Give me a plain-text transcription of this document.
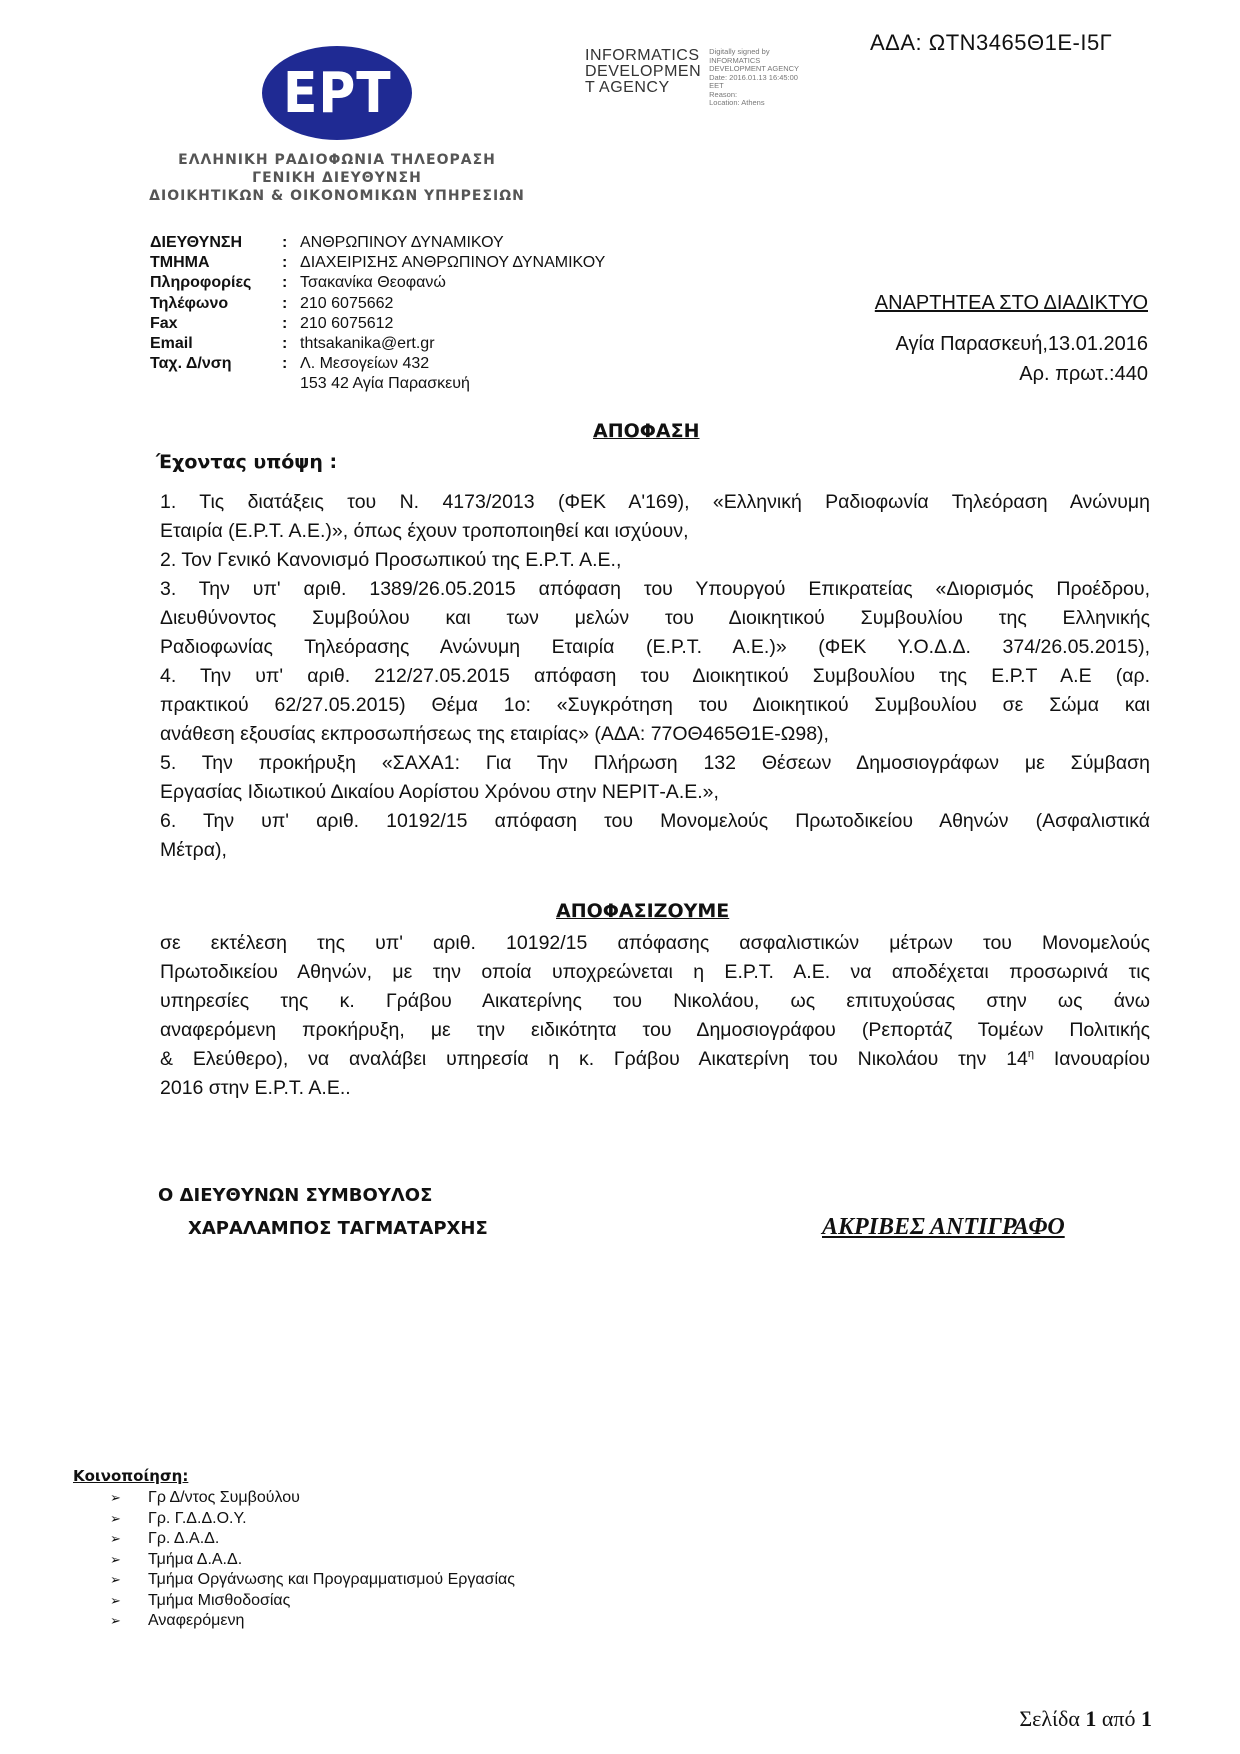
ΑΔΑ: ΩΤΝ3465Θ1Ε-Ι5Γ
EPT
ΕΛΛΗΝΙΚΗ ΡΑΔΙΟΦΩΝΙΑ ΤΗΛΕΟΡΑΣΗ
ΓΕΝΙΚΗ ΔΙΕΥΘΥΝΣΗ
ΔΙΟΙΚΗΤΙΚΩΝ & ΟΙΚΟΝΟΜΙΚΩΝ ΥΠΗΡΕΣΙΩΝ
INFORMATICS
DEVELOPMEN
T AGENCY
Digitally signed by
INFORMATICS
DEVELOPMENT AGENCY
Date: 2016.01.13 16:45:00
EET
Reason:
Location: Athens
ΔΙΕΥΘΥΝΣΗ	: ΑΝΘΡΩΠΙΝΟΥ ΔΥΝΑΜΙΚΟΥ
ΤΜΗΜΑ	: ΔΙΑΧΕΙΡΙΣΗΣ ΑΝΘΡΩΠΙΝΟΥ ΔΥΝΑΜΙΚΟΥ
Πληροφορίες	: Τσακανίκα Θεοφανώ
Τηλέφωνο	: 210 6075662
Fax	: 210 6075612
Email	: thtsakanika@ert.gr
Ταχ. Δ/νση	: Λ. Μεσογείων 432
153 42 Αγία Παρασκευή
ΑΝΑΡΤΗΤΕΑ ΣΤΟ ΔΙΑΔΙΚΤΥΟ
Αγία Παρασκευή,13.01.2016
Αρ. πρωτ.:440
ΑΠΟΦΑΣΗ
Έχοντας υπόψη :
1. Τις διατάξεις του Ν. 4173/2013 (ΦΕΚ Α'169), «Ελληνική Ραδιοφωνία Τηλεόραση Ανώνυμη
Εταιρία (Ε.Ρ.Τ. Α.Ε.)», όπως έχουν τροποποιηθεί και ισχύουν,
2. Τον Γενικό Κανονισμό Προσωπικού της Ε.Ρ.Τ. Α.Ε.,
3. Την υπ' αριθ. 1389/26.05.2015 απόφαση του Υπουργού Επικρατείας «Διορισμός Προέδρου,
Διευθύνοντος Συμβούλου και των μελών του Διοικητικού Συμβουλίου της Ελληνικής
Ραδιοφωνίας Τηλεόρασης Ανώνυμη Εταιρία (Ε.Ρ.Τ. Α.Ε.)» (ΦΕΚ Υ.Ο.Δ.Δ. 374/26.05.2015),
4. Την υπ' αριθ. 212/27.05.2015 απόφαση του Διοικητικού Συμβουλίου της Ε.Ρ.Τ Α.Ε (αρ.
πρακτικού 62/27.05.2015) Θέμα 1ο: «Συγκρότηση του Διοικητικού Συμβουλίου σε Σώμα και
ανάθεση εξουσίας εκπροσωπήσεως της εταιρίας» (ΑΔΑ: 77ΟΘ465Θ1Ε-Ω98),
5. Την προκήρυξη «ΣΑΧΑ1: Για Την Πλήρωση 132 Θέσεων Δημοσιογράφων με Σύμβαση
Εργασίας Ιδιωτικού Δικαίου Αορίστου Χρόνου στην ΝΕΡΙΤ-Α.Ε.»,
6. Την υπ' αριθ. 10192/15 απόφαση του Μονομελούς Πρωτοδικείου Αθηνών (Ασφαλιστικά
Μέτρα),
ΑΠΟΦΑΣΙΖΟΥΜΕ
σε εκτέλεση της υπ' αριθ. 10192/15 απόφασης ασφαλιστικών μέτρων του Μονομελούς
Πρωτοδικείου Αθηνών, με την οποία υποχρεώνεται η Ε.Ρ.Τ. Α.Ε. να αποδέχεται προσωρινά τις
υπηρεσίες της κ. Γράβου Αικατερίνης του Νικολάου, ως επιτυχούσας στην ως άνω
αναφερόμενη προκήρυξη, με την ειδικότητα του Δημοσιογράφου (Ρεπορτάζ Τομέων Πολιτικής
& Ελεύθερο), να αναλάβει υπηρεσία η κ. Γράβου Αικατερίνη του Νικολάου την $14^\eta$ Ιανουαρίου
2016 στην Ε.Ρ.Τ. Α.Ε..
Ο ΔΙΕΥΘΥΝΩΝ ΣΥΜΒΟΥΛΟΣ
ΧΑΡΑΛΑΜΠΟΣ ΤΑΓΜΑΤΑΡΧΗΣ	ΑΚΡΙΒΕΣ ΑΝΤΙΓΡΑΦΟ
Κοινοποίηση:
➢	Γρ Δ/ντος Συμβούλου
➢	Γρ. Γ.Δ.Δ.Ο.Υ.
➢	Γρ. Δ.Α.Δ.
➢	Τμήμα Δ.Α.Δ.
➢	Τμήμα Οργάνωσης και Προγραμματισμού Εργασίας
➢	Τμήμα Μισθοδοσίας
➢	Αναφερόμενη
Σελίδα 1 από 1
